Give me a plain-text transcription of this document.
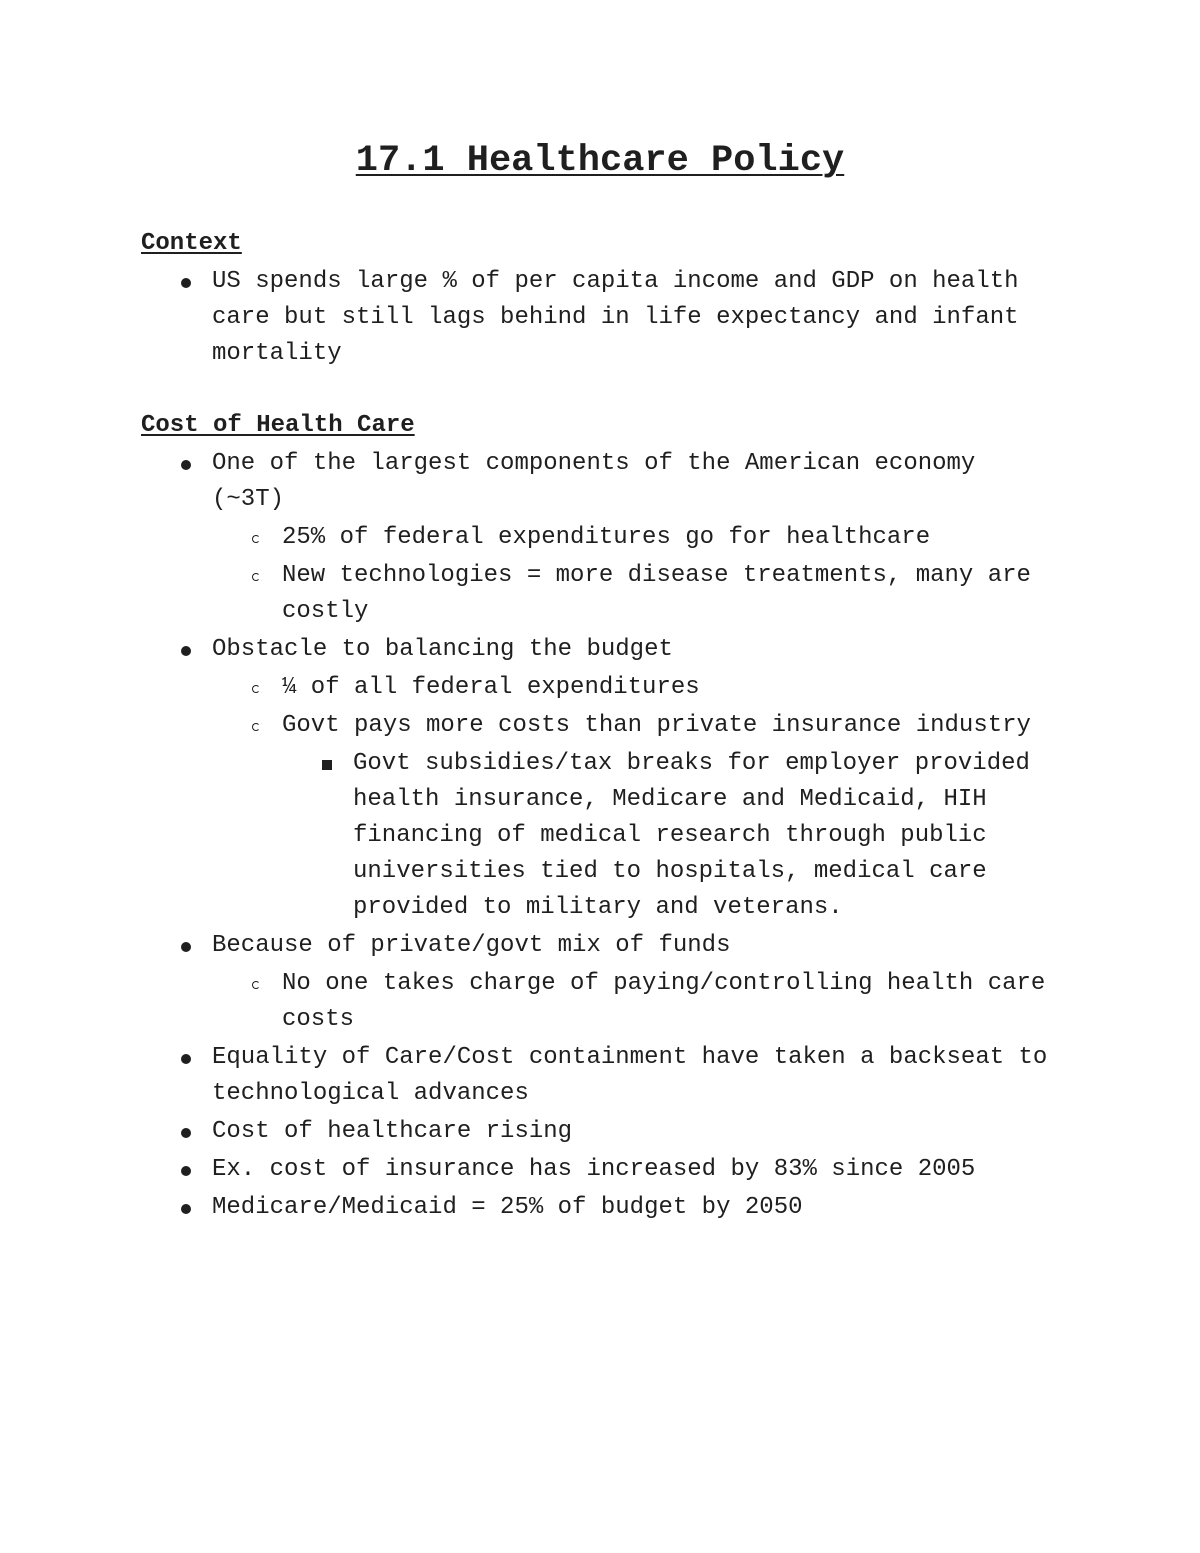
17.1 Healthcare Policy

Context

US spends large % of per capita income and GDP on health care but still lags behind in life expectancy and infant mortality

Cost of Health Care

One of the largest components of the American economy (~3T)
25% of federal expenditures go for healthcare
New technologies = more disease treatments, many are costly
Obstacle to balancing the budget
¼ of all federal expenditures
Govt pays more costs than private insurance industry
Govt subsidies/tax breaks for employer provided health insurance, Medicare and Medicaid, HIH financing of medical research through public universities tied to hospitals, medical care provided to military and veterans.
Because of private/govt mix of funds
No one takes charge of paying/controlling health care costs
Equality of Care/Cost containment have taken a backseat to technological advances
Cost of healthcare rising
Ex. cost of insurance has increased by 83% since 2005
Medicare/Medicaid = 25% of budget by 2050
